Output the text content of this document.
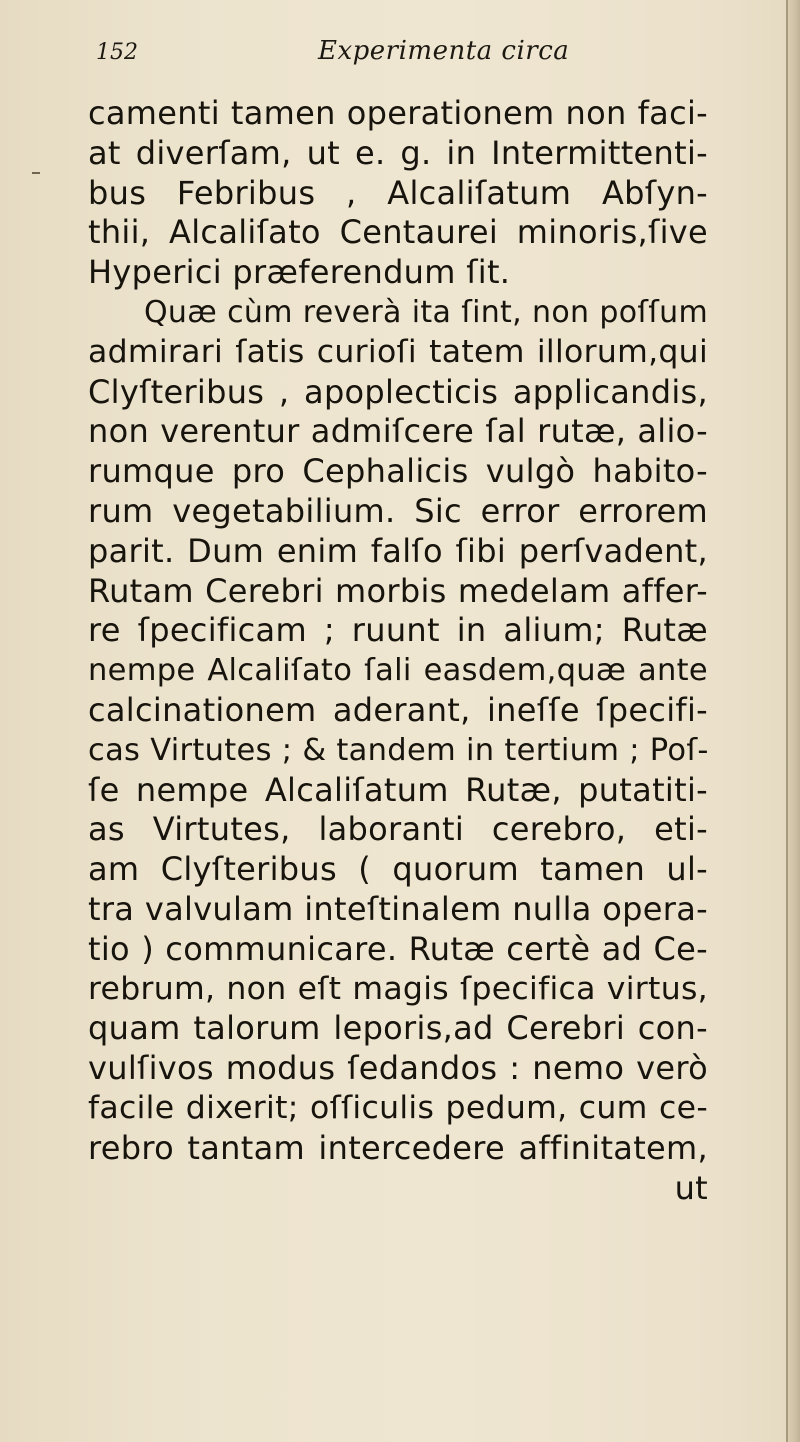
152	Experimenta circa
camenti tamen operationem non faci-
at diverſam, ut e. g. in Intermittenti-
bus Febribus , Alcaliſatum Abſyn-
thii, Alcaliſato Centaurei minoris,ſive
Hyperici præferendum ſit.
Quæ cùm reverà ita ſint, non poſſum
admirari ſatis curioſi tatem illorum,qui
Clyſteribus , apoplecticis applicandis,
non verentur admiſcere ſal rutæ, alio-
rumque pro Cephalicis vulgò habito-
rum vegetabilium. Sic error errorem
parit. Dum enim falſo ſibi perſvadent,
Rutam Cerebri morbis medelam affer-
re ſpecificam ; ruunt in alium; Rutæ
nempe Alcaliſato ſali easdem,quæ ante
calcinationem aderant, ineſſe ſpecifi-
cas Virtutes ; & tandem in tertium ; Poſ-
ſe nempe Alcaliſatum Rutæ, putatiti-
as Virtutes, laboranti cerebro, eti-
am Clyſteribus ( quorum tamen ul-
tra valvulam inteſtinalem nulla opera-
tio ) communicare. Rutæ certè ad Ce-
rebrum, non eſt magis ſpecifica virtus,
quam talorum leporis,ad Cerebri con-
vulſivos modus ſedandos : nemo verò
facile dixerit; oſſiculis pedum, cum ce-
rebro tantam intercedere affinitatem,
ut
